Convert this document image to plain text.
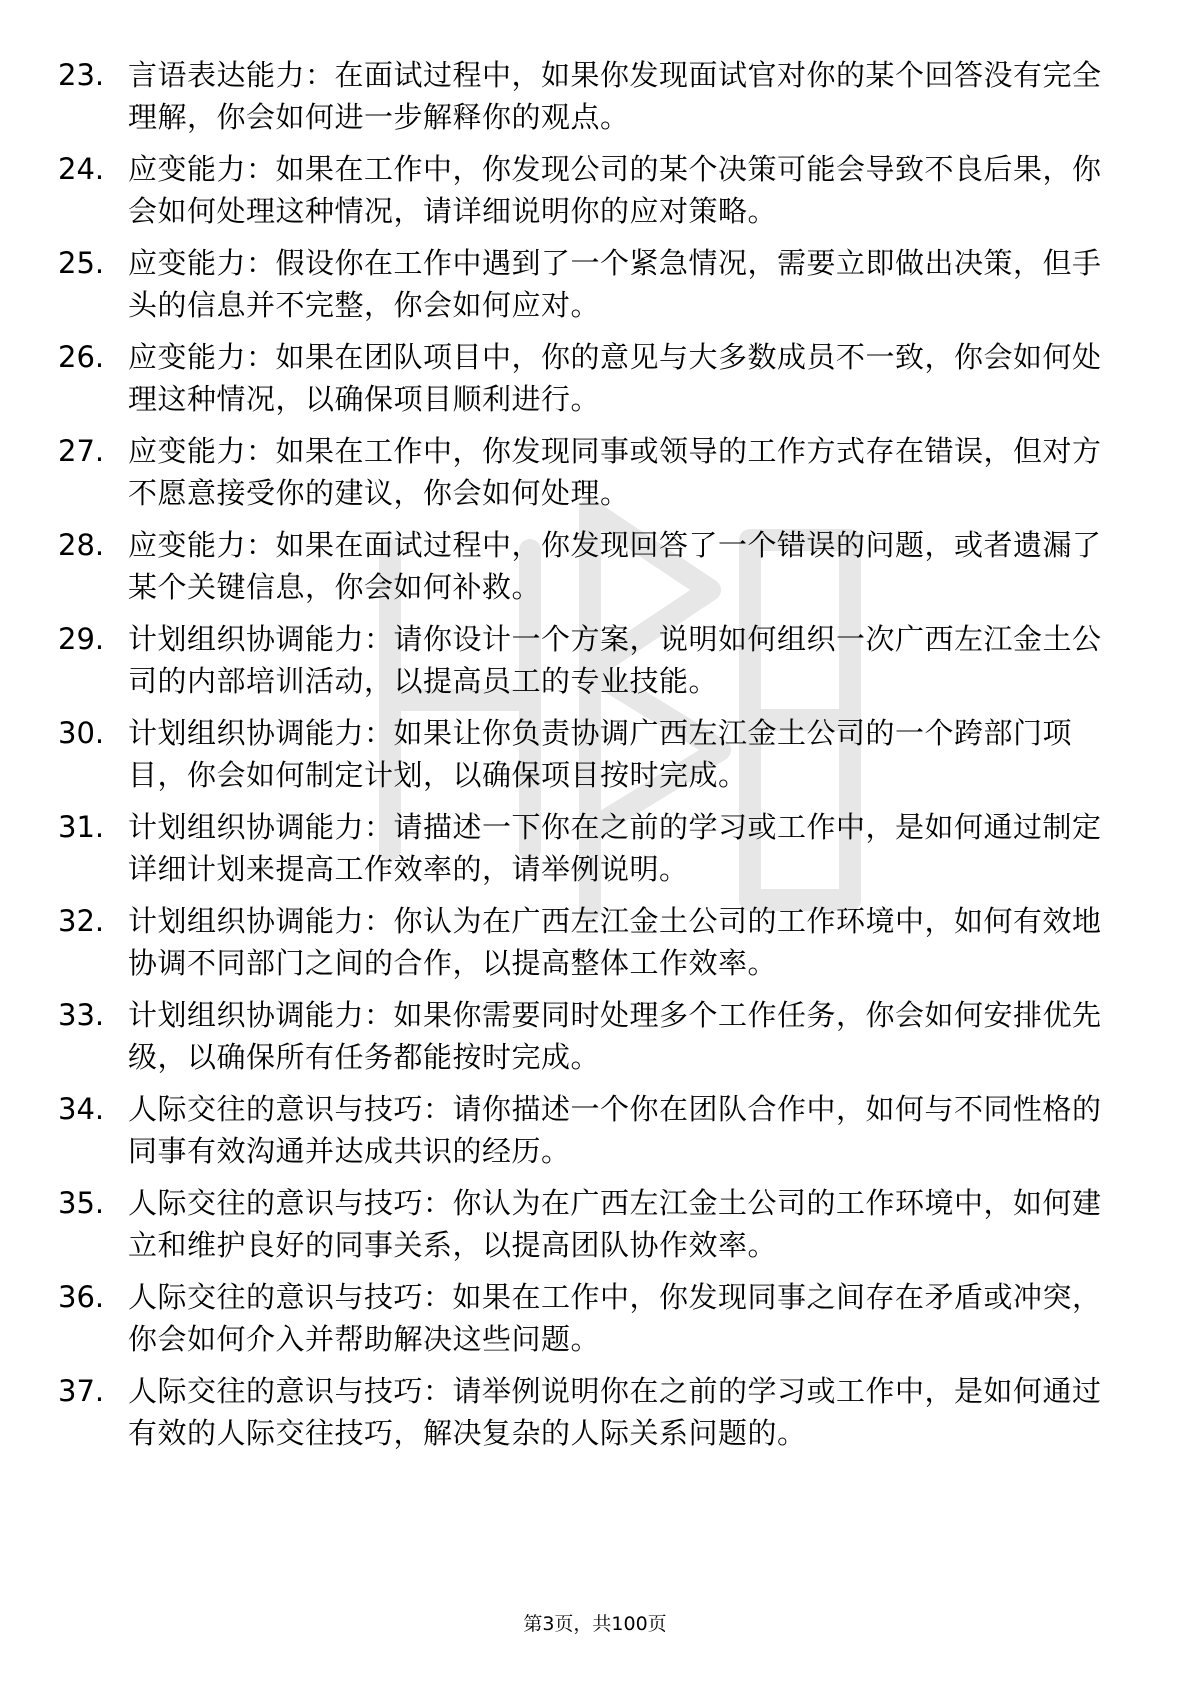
23. 言语表达能力：在面试过程中，如果你发现面试官对你的某个回答没有完全理解，你会如何进一步解释你的观点。
24. 应变能力：如果在工作中，你发现公司的某个决策可能会导致不良后果，你会如何处理这种情况，请详细说明你的应对策略。
25. 应变能力：假设你在工作中遇到了一个紧急情况，需要立即做出决策，但手头的信息并不完整，你会如何应对。
26. 应变能力：如果在团队项目中，你的意见与大多数成员不一致，你会如何处理这种情况，以确保项目顺利进行。
27. 应变能力：如果在工作中，你发现同事或领导的工作方式存在错误，但对方不愿意接受你的建议，你会如何处理。
28. 应变能力：如果在面试过程中，你发现回答了一个错误的问题，或者遗漏了某个关键信息，你会如何补救。
29. 计划组织协调能力：请你设计一个方案，说明如何组织一次广西左江金土公司的内部培训活动，以提高员工的专业技能。
30. 计划组织协调能力：如果让你负责协调广西左江金土公司的一个跨部门项目，你会如何制定计划，以确保项目按时完成。
31. 计划组织协调能力：请描述一下你在之前的学习或工作中，是如何通过制定详细计划来提高工作效率的，请举例说明。
32. 计划组织协调能力：你认为在广西左江金土公司的工作环境中，如何有效地协调不同部门之间的合作，以提高整体工作效率。
33. 计划组织协调能力：如果你需要同时处理多个工作任务，你会如何安排优先级，以确保所有任务都能按时完成。
34. 人际交往的意识与技巧：请你描述一个你在团队合作中，如何与不同性格的同事有效沟通并达成共识的经历。
35. 人际交往的意识与技巧：你认为在广西左江金土公司的工作环境中，如何建立和维护良好的同事关系，以提高团队协作效率。
36. 人际交往的意识与技巧：如果在工作中，你发现同事之间存在矛盾或冲突，你会如何介入并帮助解决这些问题。
37. 人际交往的意识与技巧：请举例说明你在之前的学习或工作中，是如何通过有效的人际交往技巧，解决复杂的人际关系问题的。
第3页，共100页
